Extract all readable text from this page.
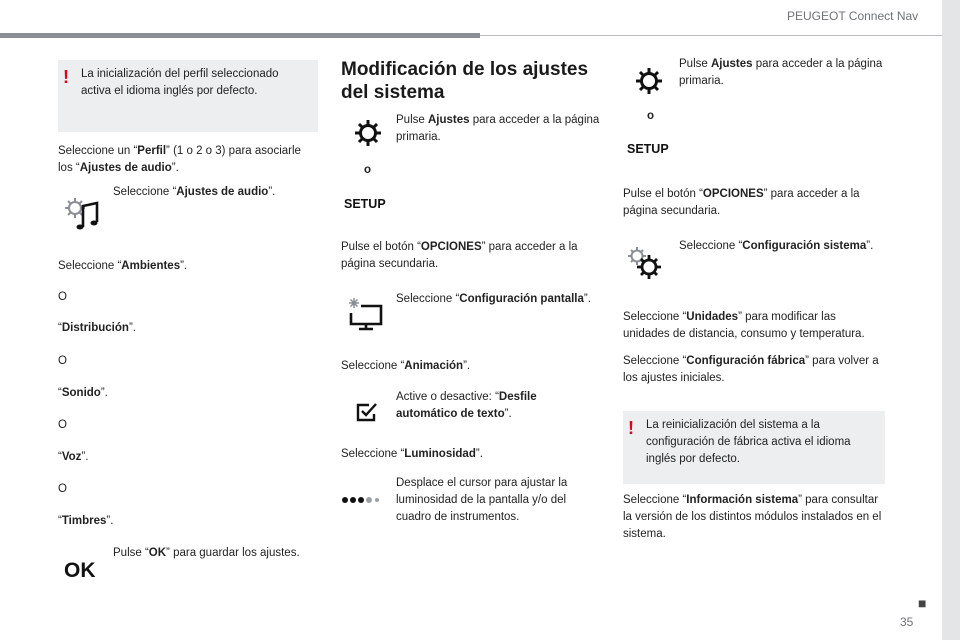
PEUGEOT Connect Nav
■
35
! La inicialización del perfil seleccionado activa el idioma inglés por defecto.
Seleccione un “Perfil” (1 o 2 o 3) para asociarle los “Ajustes de audio”.
Seleccione “Ajustes de audio”.
Seleccione “Ambientes”.
O
“Distribución”.
O
“Sonido”.
O
“Voz”.
O
“Timbres”.
OK
Pulse “OK” para guardar los ajustes.
Modificación de los ajustes del sistema
Pulse Ajustes para acceder a la página primaria.
o
SETUP
Pulse el botón “OPCIONES” para acceder a la página secundaria.
Seleccione “Configuración pantalla”.
Seleccione “Animación”.
Active o desactive: “Desfile automático de texto”.
Seleccione “Luminosidad”.
Desplace el cursor para ajustar la luminosidad de la pantalla y/o del cuadro de instrumentos.
Pulse Ajustes para acceder a la página primaria.
o
SETUP
Pulse el botón “OPCIONES” para acceder a la página secundaria.
Seleccione “Configuración sistema”.
Seleccione “Unidades” para modificar las unidades de distancia, consumo y temperatura.
Seleccione “Configuración fábrica” para volver a los ajustes iniciales.
! La reinicialización del sistema a la configuración de fábrica activa el idioma inglés por defecto.
Seleccione “Información sistema” para consultar la versión de los distintos módulos instalados en el sistema.
